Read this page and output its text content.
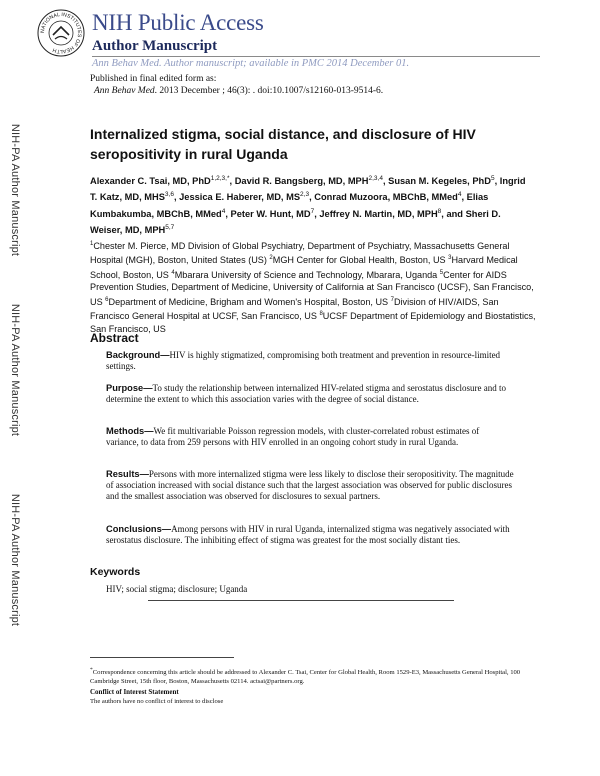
NATIONAL INSTITUTES OF HEALTH
NIH Public Access
Author Manuscript
Ann Behav Med. Author manuscript; available in PMC 2014 December 01.
NIH-PA Author Manuscript
NIH-PA Author Manuscript
NIH-PA Author Manuscript
Published in final edited form as:
Ann Behav Med. 2013 December ; 46(3): . doi:10.1007/s12160-013-9514-6.
Internalized stigma, social distance, and disclosure of HIV seropositivity in rural Uganda
Alexander C. Tsai, MD, PhD$^{1,2,3,*}$, David R. Bangsberg, MD, MPH$^{2,3,4}$, Susan M. Kegeles, PhD$^5$, Ingrid T. Katz, MD, MHS$^{3,6}$, Jessica E. Haberer, MD, MS$^{2,3}$, Conrad Muzoora, MBChB, MMed$^4$, Elias Kumbakumba, MBChB, MMed$^4$, Peter W. Hunt, $MD^7$, Jeffrey N. Martin, MD, MPH$^8$, and Sheri D. Weiser, MD, MPH$^{5,7}$
$^1$Chester M. Pierce, MD Division of Global Psychiatry, Department of Psychiatry, Massachusetts General Hospital (MGH), Boston, United States (US) $^2$MGH Center for Global Health, Boston, US $^3$Harvard Medical School, Boston, US $^4$Mbarara University of Science and Technology, Mbarara, Uganda $^5$Center for AIDS Prevention Studies, Department of Medicine, University of California at San Francisco (UCSF), San Francisco, US $^6$Department of Medicine, Brigham and Women's Hospital, Boston, US $^7$Division of HIV/AIDS, San Francisco General Hospital at UCSF, San Francisco, US $^8$UCSF Department of Epidemiology and Biostatistics, San Francisco, US
Abstract
Background—HIV is highly stigmatized, compromising both treatment and prevention in resource-limited settings.
Purpose—To study the relationship between internalized HIV-related stigma and serostatus disclosure and to determine the extent to which this association varies with the degree of social distance.
Methods—We fit multivariable Poisson regression models, with cluster-correlated robust estimates of variance, to data from 259 persons with HIV enrolled in an ongoing cohort study in rural Uganda.
Results—Persons with more internalized stigma were less likely to disclose their seropositivity. The magnitude of association increased with social distance such that the largest association was observed for public disclosures and the smallest association was observed for disclosures to sexual partners.
Conclusions—Among persons with HIV in rural Uganda, internalized stigma was negatively associated with serostatus disclosure. The inhibiting effect of stigma was greatest for the most socially distant ties.
Keywords
HIV; social stigma; disclosure; Uganda
*Correspondence concerning this article should be addressed to Alexander C. Tsai, Center for Global Health, Room 1529-E3, Massachusetts General Hospital, 100 Cambridge Street, 15th floor, Boston, Massachusetts 02114. actsai@partners.org.
Conflict of Interest Statement
The authors have no conflict of interest to disclose
